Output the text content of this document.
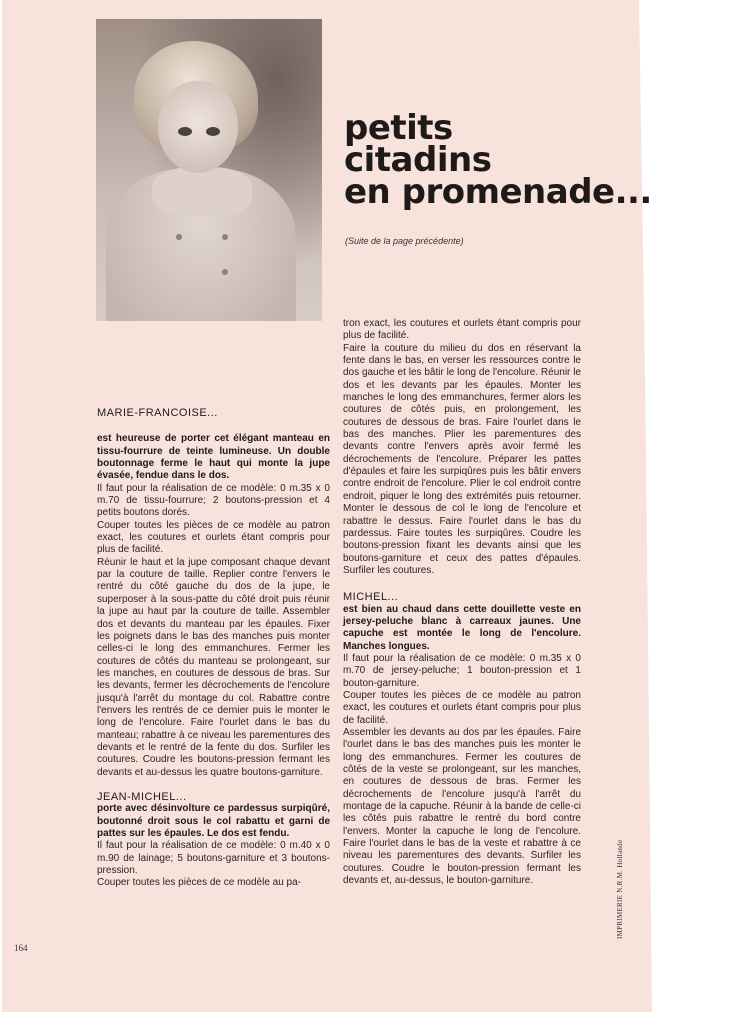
petits
citadins
en promenade...
(Suite de la page précédente)

MARIE-FRANCOISE...

est heureuse de porter cet élégant manteau en tissu-fourrure de teinte lumineuse. Un double boutonnage ferme le haut qui monte la jupe évasée, fendue dans le dos.

Il faut pour la réalisation de ce modèle: 0 m.35 x 0 m.70 de tissu-fourrure; 2 boutons-pression et 4 petits boutons dorés.

Couper toutes les pièces de ce modèle au patron exact, les coutures et ourlets étant compris pour plus de facilité.

Réunir le haut et la jupe composant chaque devant par la couture de taille. Replier contre l'envers le rentré du côté gauche du dos de la jupe, le superposer à la sous-patte du côté droit puis réunir la jupe au haut par la couture de taille. Assembler dos et devants du manteau par les épaules. Fixer les poignets dans le bas des manches puis monter celles-ci le long des emmanchures. Fermer les coutures de côtés du manteau se prolongeant, sur les manches, en coutures de dessous de bras. Sur les devants, fermer les décrochements de l'encolure jusqu'à l'arrêt du montage du col. Rabattre contre l'envers les rentrés de ce dernier puis le monter le long de l'encolure. Faire l'ourlet dans le bas du manteau; rabattre à ce niveau les parementures des devants et le rentré de la fente du dos. Surfiler les coutures. Coudre les boutons-pression fermant les devants et au-dessus les quatre boutons-garniture.

JEAN-MICHEL...

porte avec désinvolture ce pardessus surpiqûré, boutonné droit sous le col rabattu et garni de pattes sur les épaules. Le dos est fendu.

Il faut pour la réalisation de ce modèle: 0 m.40 x 0 m.90 de lainage; 5 boutons-garniture et 3 boutons-pression.

Couper toutes les pièces de ce modèle au pa-

tron exact, les coutures et ourlets étant compris pour plus de facilité.

Faire la couture du milieu du dos en réservant la fente dans le bas, en verser les ressources contre le dos gauche et les bâtir le long de l'encolure. Réunir le dos et les devants par les épaules. Monter les manches le long des emmanchures, fermer alors les coutures de côtés puis, en prolongement, les coutures de dessous de bras. Faire l'ourlet dans le bas des manches. Plier les parementures des devants contre l'envers après avoir fermé les décrochements de l'encolure. Préparer les pattes d'épaules et faire les surpiqûres puis les bâtir envers contre endroit de l'encolure. Plier le col endroit contre endroit, piquer le long des extrémités puis retourner. Monter le dessous de col le long de l'encolure et rabattre le dessus. Faire l'ourlet dans le bas du pardessus. Faire toutes les surpiqûres. Coudre les boutons-pression fixant les devants ainsi que les boutons-garniture et ceux des pattes d'épaules. Surfiler les coutures.

MICHEL...

est bien au chaud dans cette douillette veste en jersey-peluche blanc à carreaux jaunes. Une capuche est montée le long de l'encolure. Manches longues.

Il faut pour la réalisation de ce modèle: 0 m.35 x 0 m.70 de jersey-peluche; 1 bouton-pression et 1 bouton-garniture.

Couper toutes les pièces de ce modèle au patron exact, les coutures et ourlets étant compris pour plus de facilité.

Assembler les devants au dos par les épaules. Faire l'ourlet dans le bas des manches puis les monter le long des emmanchures. Fermer les coutures de côtés de la veste se prolongeant, sur les manches, en coutures de dessous de bras. Fermer les décrochements de l'encolure jusqu'à l'arrêt du montage de la capuche. Réunir à la bande de celle-ci les côtés puis rabattre le rentré du bord contre l'envers. Monter la capuche le long de l'encolure. Faire l'ourlet dans le bas de la veste et rabattre à ce niveau les parementures des devants. Surfiler les coutures. Coudre le bouton-pression fermant les devants et, au-dessus, le bouton-garniture.

164
IMPRIMERIE N.R.M. Hollande
